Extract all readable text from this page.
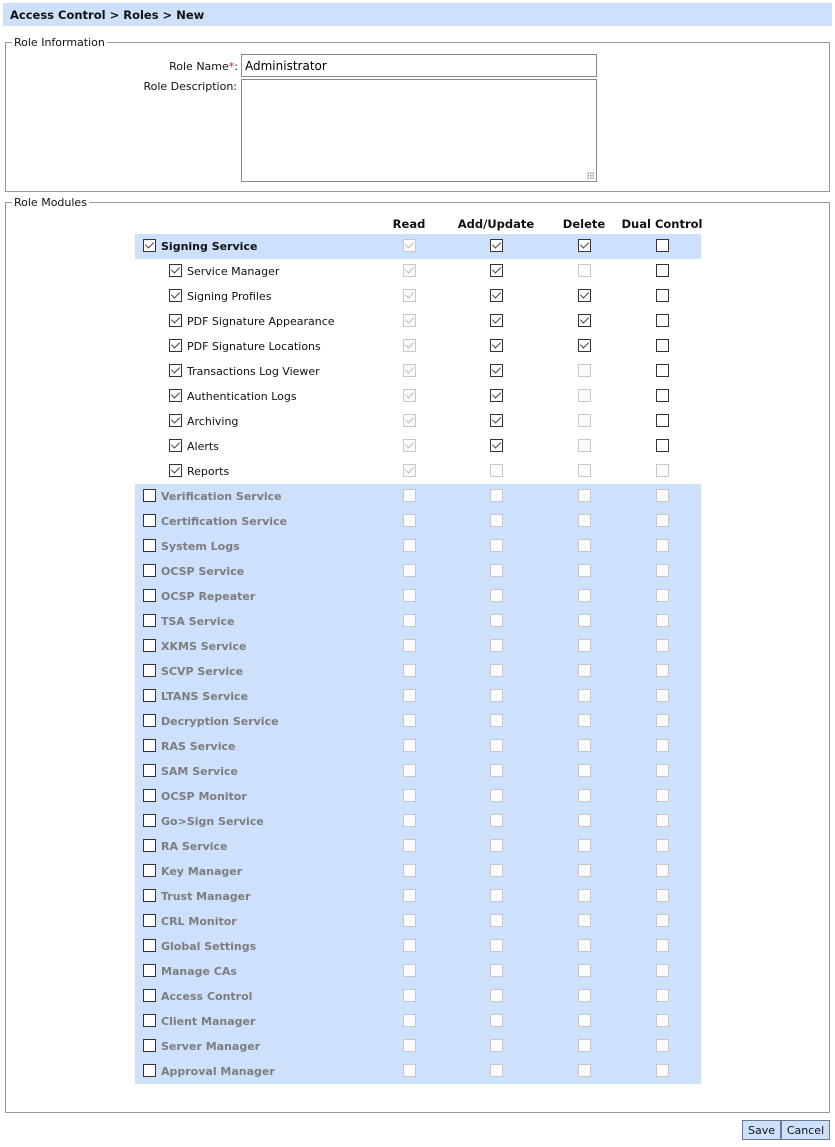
Access Control > Roles > New
Role Information
Role Name*:
Administrator
Role Description:
Role Modules
Read	Add/Update Delete Dual Control
Signing Service
Service Manager
Signing Profiles
PDF Signature Appearance
PDF Signature Locations
Transactions Log Viewer
Authentication Logs
Archiving
Alerts
Reports
Verification Service
Certification Service
System Logs
OCSP Service
OCSP Repeater
TSA Service
XKMS Service
SCVP Service
LTANS Service
Decryption Service
RAS Service
SAM Service
OCSP Monitor
Go>Sign Service
RA Service
Key Manager
Trust Manager
CRL Monitor
Global Settings
Manage CAs
Access Control
Client Manager
Server Manager
Approval Manager
Save	Cancel
